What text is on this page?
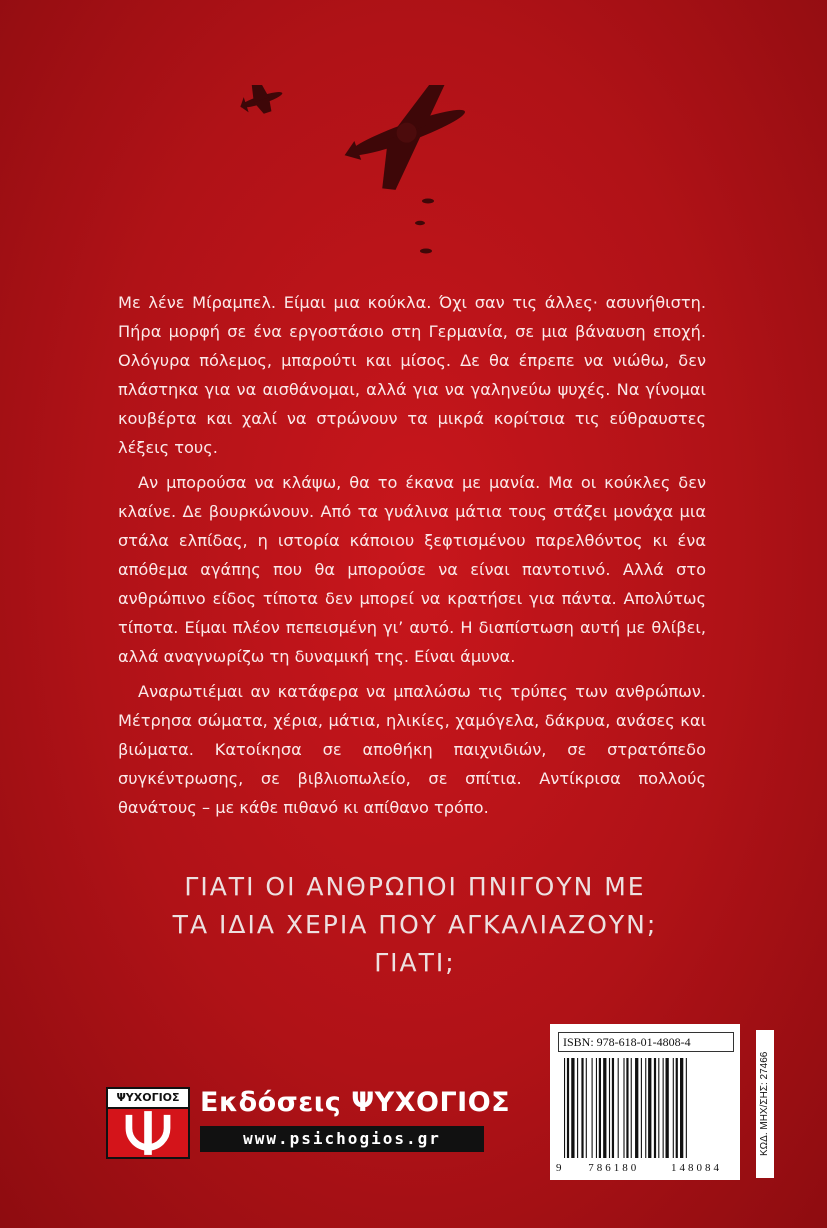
Με λένε Μίραμπελ. Είμαι μια κούκλα. Όχι σαν τις άλλες· ασυνήθιστη. Πήρα μορφή σε ένα εργοστάσιο στη Γερμανία, σε μια βάναυση εποχή. Ολόγυρα πόλεμος, μπαρούτι και μίσος. Δε θα έπρεπε να νιώθω, δεν πλάστηκα για να αισθάνομαι, αλλά για να γαληνεύω ψυχές. Να γίνομαι κουβέρτα και χαλί να στρώνουν τα μικρά κορίτσια τις εύθραυστες λέξεις τους.

Αν μπορούσα να κλάψω, θα το έκανα με μανία. Μα οι κούκλες δεν κλαίνε. Δε βουρκώνουν. Από τα γυάλινα μάτια τους στάζει μονάχα μια στάλα ελπίδας, η ιστορία κάποιου ξεφτισμένου παρελθόντος κι ένα απόθεμα αγάπης που θα μπορούσε να είναι παντοτινό. Αλλά στο ανθρώπινο είδος τίποτα δεν μπορεί να κρατήσει για πάντα. Απολύτως τίποτα. Είμαι πλέον πεπεισμένη γι’ αυτό. Η διαπίστωση αυτή με θλίβει, αλλά αναγνωρίζω τη δυναμική της. Είναι άμυνα.

Αναρωτιέμαι αν κατάφερα να μπαλώσω τις τρύπες των ανθρώπων. Μέτρησα σώματα, χέρια, μάτια, ηλικίες, χαμόγελα, δάκρυα, ανάσες και βιώματα. Κατοίκησα σε αποθήκη παιχνιδιών, σε στρατόπεδο συγκέντρωσης, σε βιβλιοπωλείο, σε σπίτια. Αντίκρισα πολλούς θανάτους – με κάθε πιθανό κι απίθανο τρόπο.

ΓΙΑΤΙ ΟΙ ΑΝΘΡΩΠΟΙ ΠΝΙΓΟΥΝ ΜΕ
ΤΑ ΙΔΙΑ ΧΕΡΙΑ ΠΟΥ ΑΓΚΑΛΙΑΖΟΥΝ; ΓΙΑΤΙ;
ISBN: 978-618-01-4808-4
9 786180	148084
ΚΩΔ. ΜΗΧ/ΣΗΣ: 27466
ΨΥΧΟΓΙΟΣ Εκδόσεις ΨΥΧΟΓΙΟΣ
www.psichogios.gr
